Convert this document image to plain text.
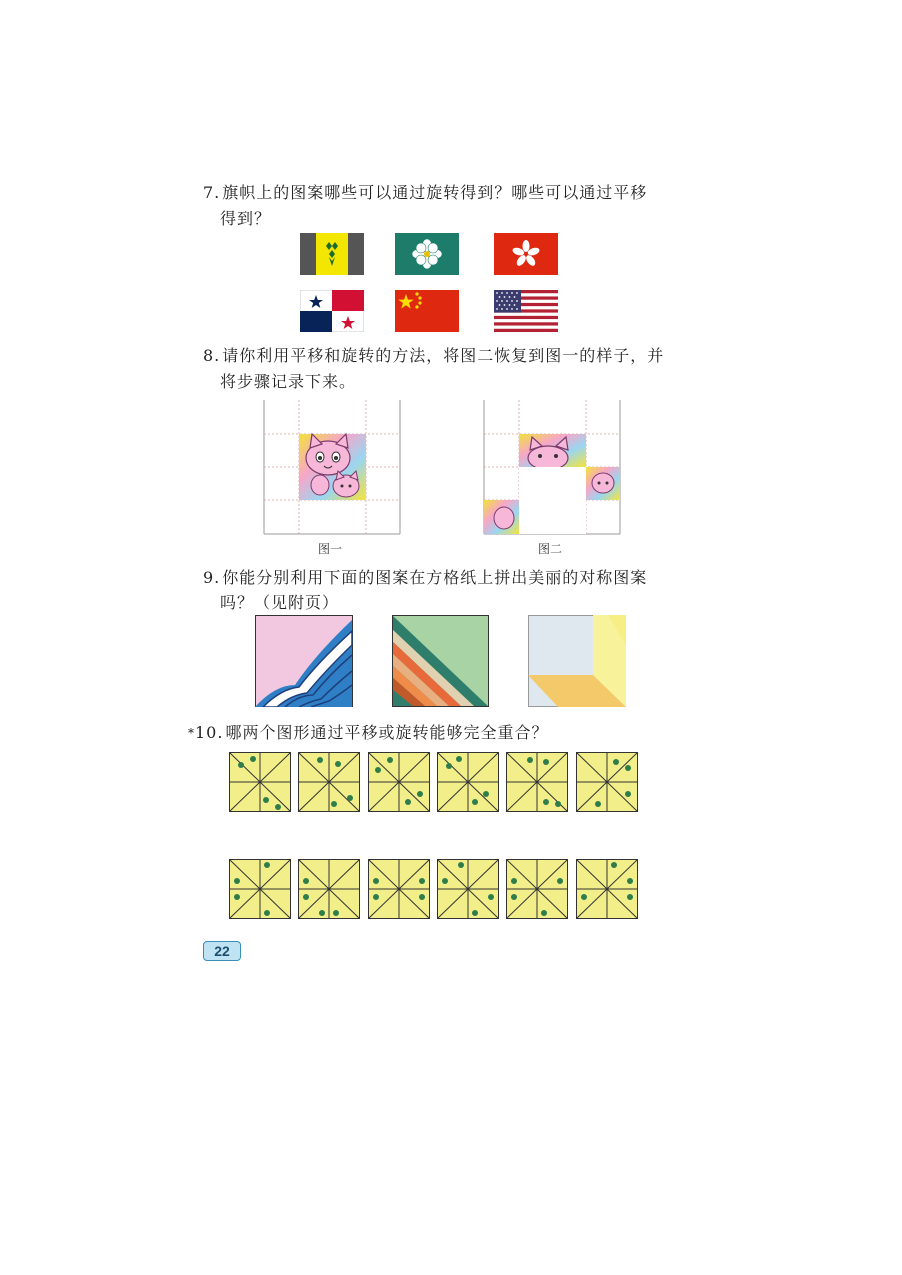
7. 旗帜上的图案哪些可以通过旋转得到？哪些可以通过平移
得到？
8. 请你利用平移和旋转的方法，将图二恢复到图一的样子，并
将步骤记录下来。
图一	图二
9. 你能分别利用下面的图案在方格纸上拼出美丽的对称图案
吗？（见附页）
*10. 哪两个图形通过平移或旋转能够完全重合？
22
